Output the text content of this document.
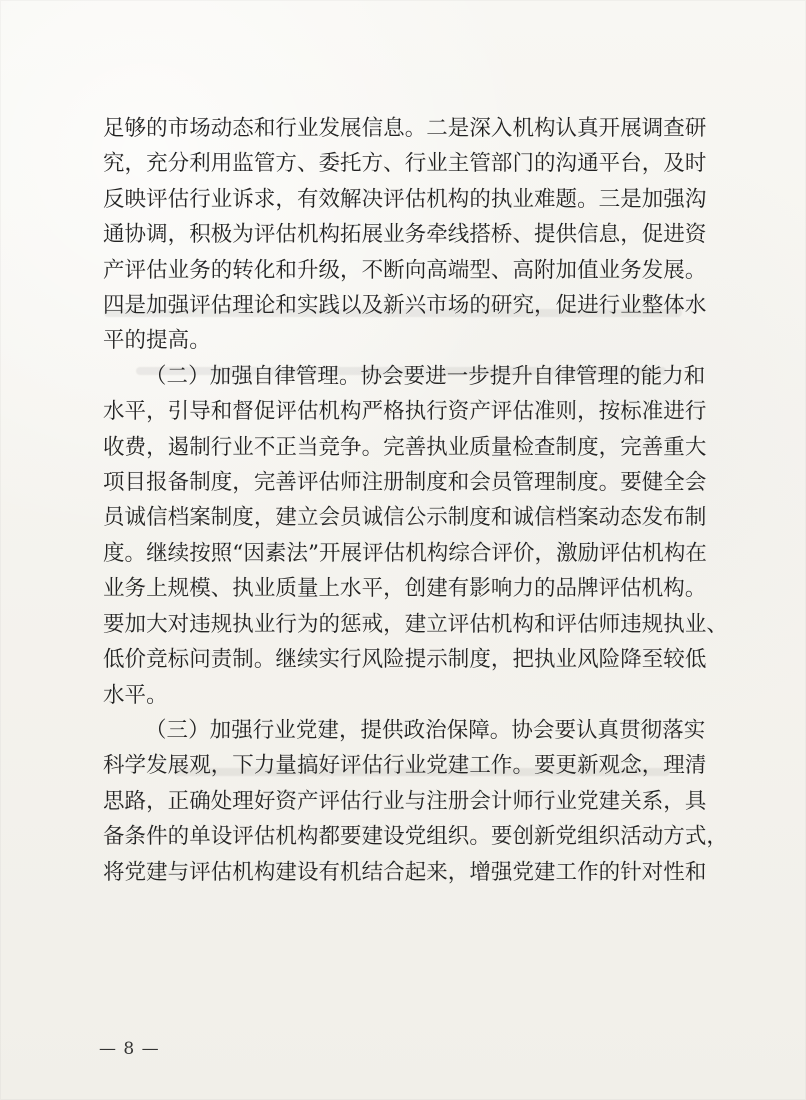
足够的市场动态和行业发展信息。二是深入机构认真开展调查研
究，充分利用监管方、委托方、行业主管部门的沟通平台，及时
反映评估行业诉求，有效解决评估机构的执业难题。三是加强沟
通协调，积极为评估机构拓展业务牵线搭桥、提供信息，促进资
产评估业务的转化和升级，不断向高端型、高附加值业务发展。
四是加强评估理论和实践以及新兴市场的研究，促进行业整体水
平的提高。

（二）加强自律管理。协会要进一步提升自律管理的能力和
水平，引导和督促评估机构严格执行资产评估准则，按标准进行
收费，遏制行业不正当竞争。完善执业质量检查制度，完善重大
项目报备制度，完善评估师注册制度和会员管理制度。要健全会
员诚信档案制度，建立会员诚信公示制度和诚信档案动态发布制
度。继续按照“因素法”开展评估机构综合评价，激励评估机构在
业务上规模、执业质量上水平，创建有影响力的品牌评估机构。
要加大对违规执业行为的惩戒，建立评估机构和评估师违规执业、
低价竞标问责制。继续实行风险提示制度，把执业风险降至较低
水平。

（三）加强行业党建，提供政治保障。协会要认真贯彻落实
科学发展观，下力量搞好评估行业党建工作。要更新观念，理清
思路，正确处理好资产评估行业与注册会计师行业党建关系，具
备条件的单设评估机构都要建设党组织。要创新党组织活动方式，
将党建与评估机构建设有机结合起来，增强党建工作的针对性和

— 8 —
